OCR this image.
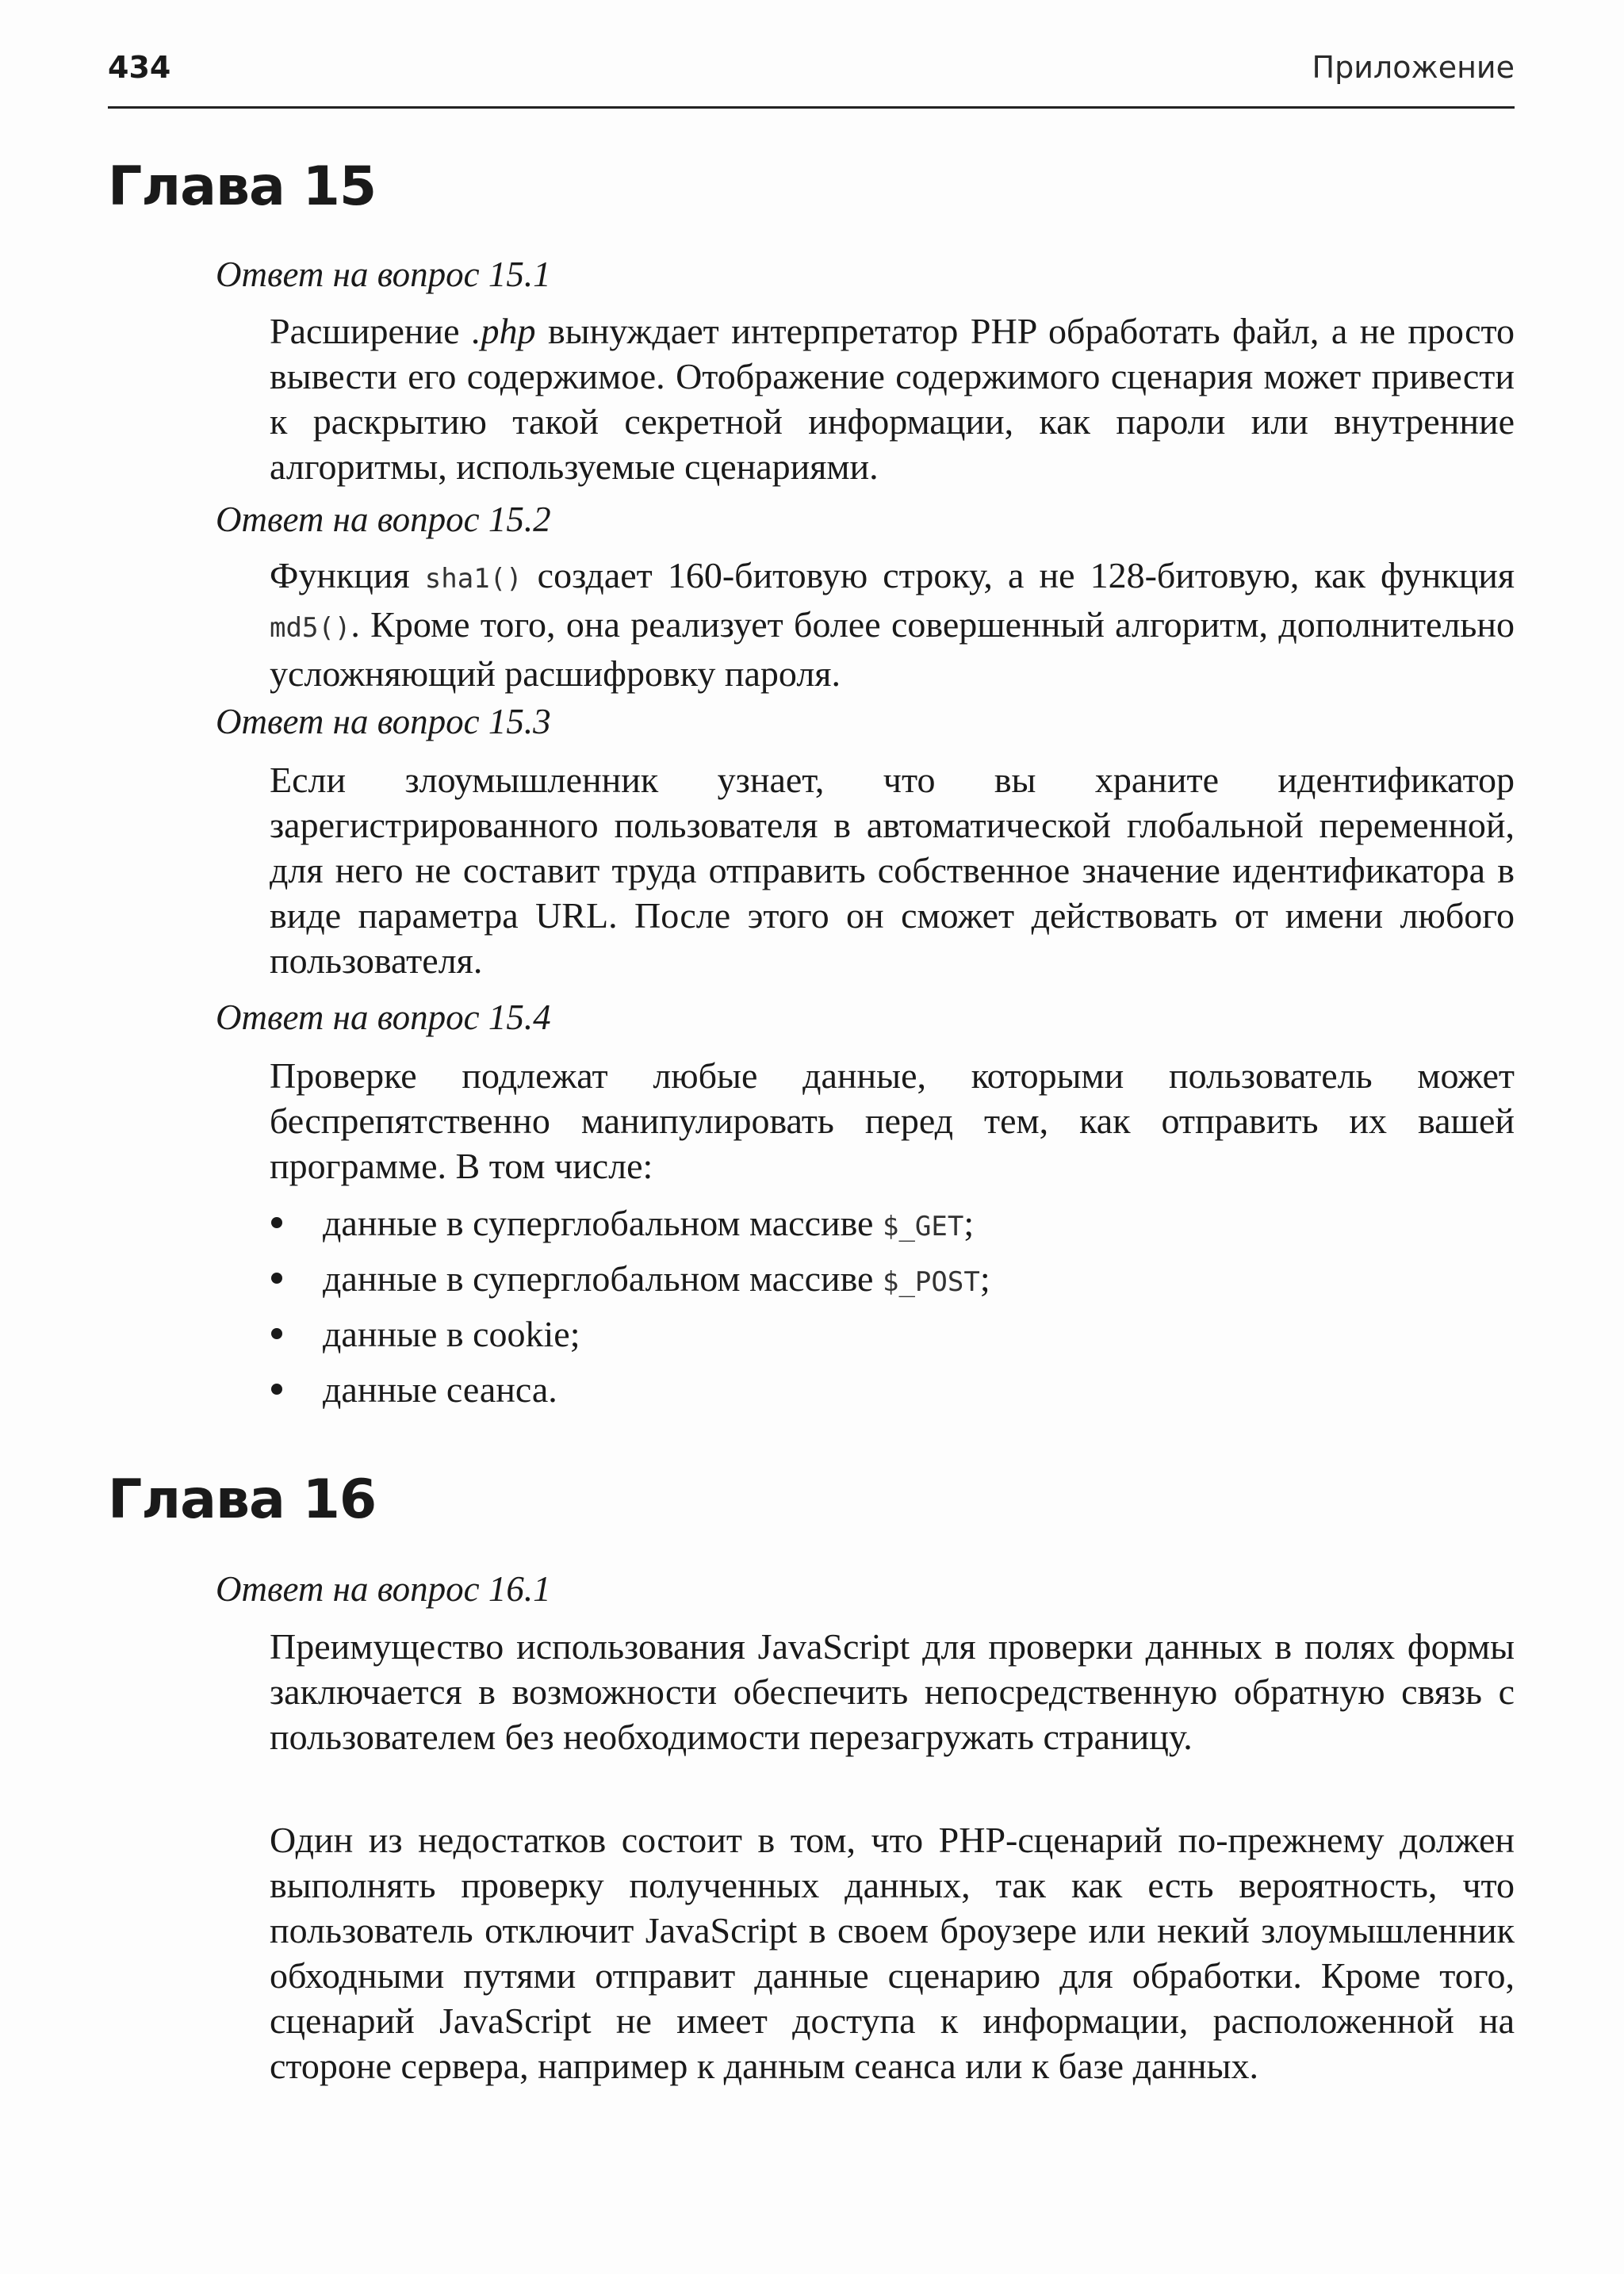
434	Приложение
Глава 15
Ответ на вопрос 15.1

Расширение .php вынуждает интерпретатор PHP обработать файл, а не просто вывести его содержимое. Отображение содержимого сценария может привести к раскрытию такой секретной информации, как пароли или внутренние алгоритмы, используемые сценариями.

Ответ на вопрос 15.2

Функция sha1() создает 160-битовую строку, а не 128-битовую, как функция md5(). Кроме того, она реализует более совершенный алгоритм, дополнительно усложняющий расшифровку пароля.

Ответ на вопрос 15.3

Если злоумышленник узнает, что вы храните идентификатор зарегистрированного пользователя в автоматической глобальной переменной, для него не составит труда отправить собственное значение идентификатора в виде параметра URL. После этого он сможет действовать от имени любого пользователя.

Ответ на вопрос 15.4

Проверке подлежат любые данные, которыми пользователь может беспрепятственно манипулировать перед тем, как отправить их вашей программе. В том числе:

данные в суперглобальном массиве $_GET;
данные в суперглобальном массиве $_POST;
данные в cookie;
данные сеанса.
Глава 16
Ответ на вопрос 16.1

Преимущество использования JavaScript для проверки данных в полях формы заключается в возможности обеспечить непосредственную обратную связь с пользователем без необходимости перезагружать страницу.

Один из недостатков состоит в том, что PHP-сценарий по-прежнему должен выполнять проверку полученных данных, так как есть вероятность, что пользователь отключит JavaScript в своем броузере или некий злоумышленник обходными путями отправит данные сценарию для обработки. Кроме того, сценарий JavaScript не имеет доступа к информации, расположенной на стороне сервера, например к данным сеанса или к базе данных.
